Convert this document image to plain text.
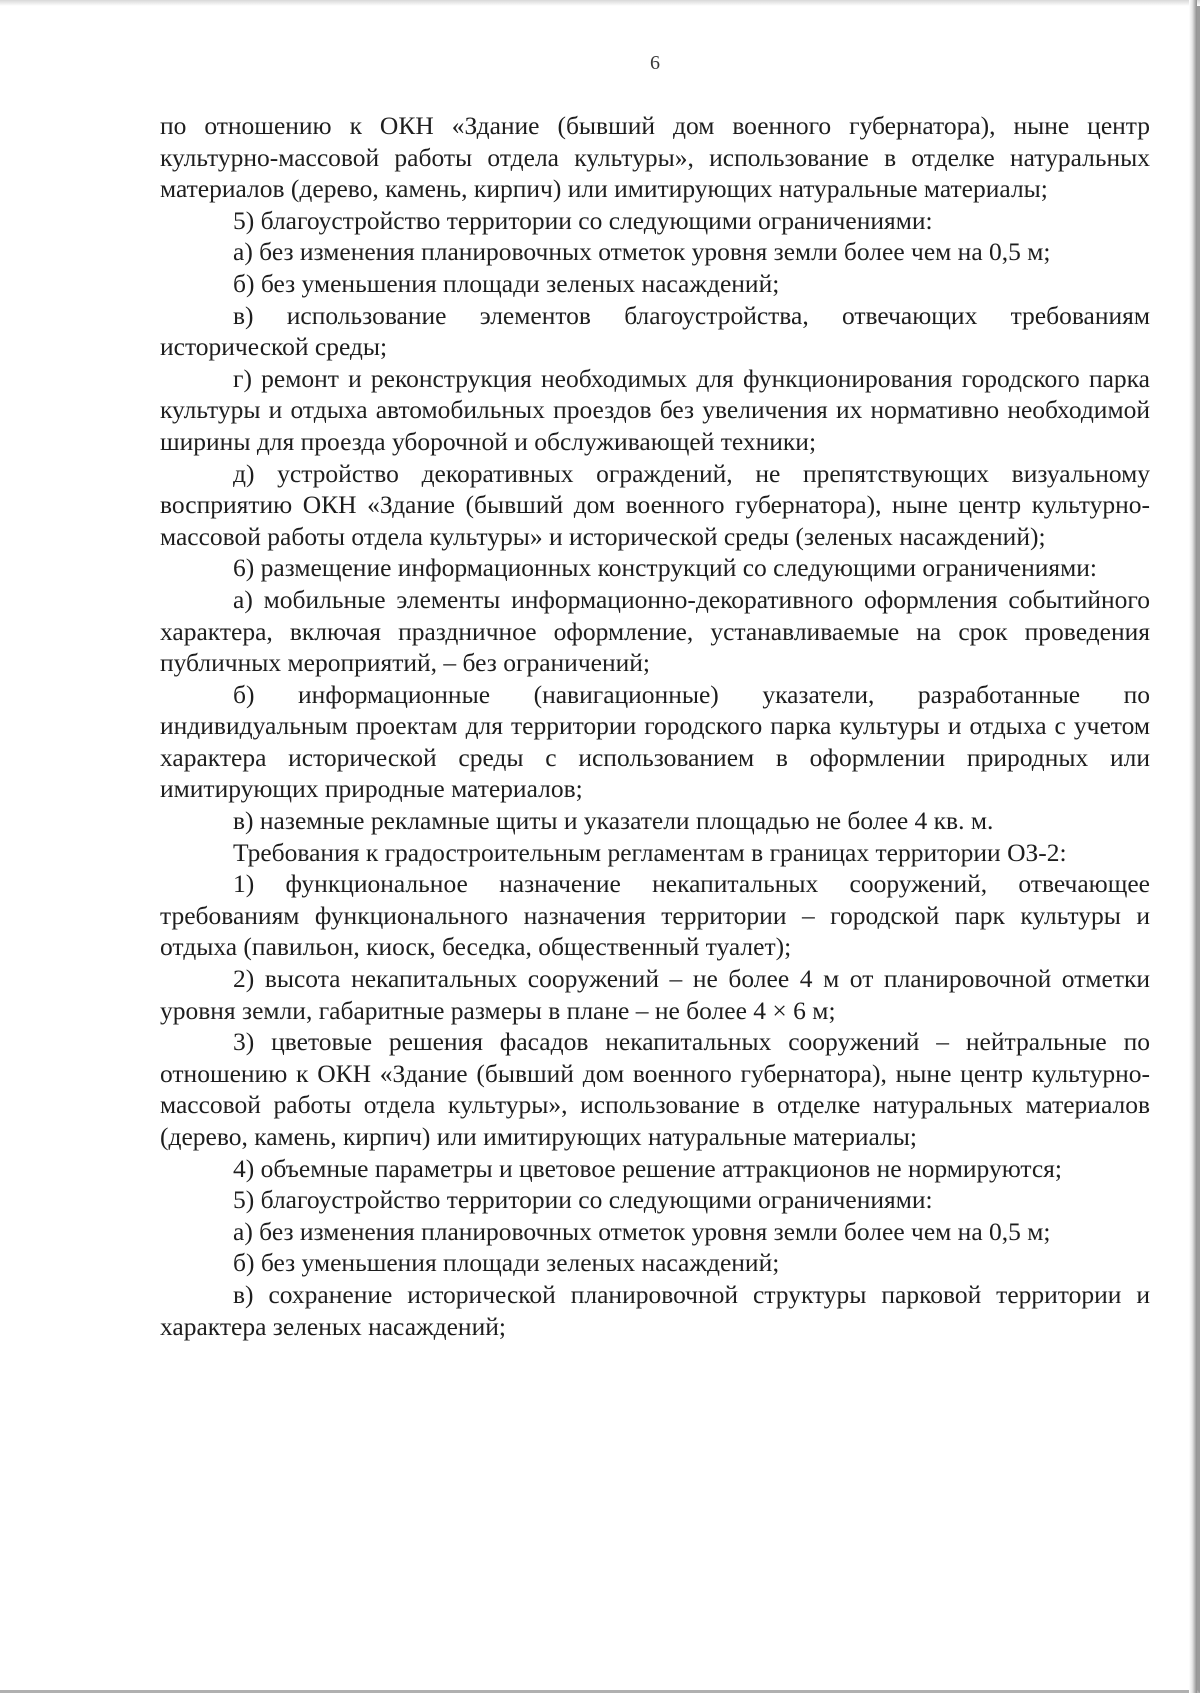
6

по отношению к ОКН «Здание (бывший дом военного губернатора), ныне центр культурно-массовой работы отдела культуры», использование в отделке натуральных материалов (дерево, камень, кирпич) или имитирующих натуральные материалы;

5) благоустройство территории со следующими ограничениями:

а) без изменения планировочных отметок уровня земли более чем на 0,5 м;

б) без уменьшения площади зеленых насаждений;

в) использование элементов благоустройства, отвечающих требованиям исторической среды;

г) ремонт и реконструкция необходимых для функционирования городского парка культуры и отдыха автомобильных проездов без увеличения их нормативно необходимой ширины для проезда уборочной и обслуживающей техники;

д) устройство декоративных ограждений, не препятствующих визуальному восприятию ОКН «Здание (бывший дом военного губернатора), ныне центр культурно-массовой работы отдела культуры» и исторической среды (зеленых насаждений);

6) размещение информационных конструкций со следующими ограничениями:

а) мобильные элементы информационно-декоративного оформления событийного характера, включая праздничное оформление, устанавливаемые на срок проведения публичных мероприятий, – без ограничений;

б) информационные (навигационные) указатели, разработанные по индивидуальным проектам для территории городского парка культуры и отдыха с учетом характера исторической среды с использованием в оформлении природных или имитирующих природные материалов;

в) наземные рекламные щиты и указатели площадью не более 4 кв. м.

Требования к градостроительным регламентам в границах территории ОЗ-2:

1) функциональное назначение некапитальных сооружений, отвечающее требованиям функционального назначения территории – городской парк культуры и отдыха (павильон, киоск, беседка, общественный туалет);

2) высота некапитальных сооружений – не более 4 м от планировочной отметки уровня земли, габаритные размеры в плане – не более 4 × 6 м;

3) цветовые решения фасадов некапитальных сооружений – нейтральные по отношению к ОКН «Здание (бывший дом военного губернатора), ныне центр культурно-массовой работы отдела культуры», использование в отделке натуральных материалов (дерево, камень, кирпич) или имитирующих натуральные материалы;

4) объемные параметры и цветовое решение аттракционов не нормируются;

5) благоустройство территории со следующими ограничениями:

а) без изменения планировочных отметок уровня земли более чем на 0,5 м;

б) без уменьшения площади зеленых насаждений;

в) сохранение исторической планировочной структуры парковой территории и характера зеленых насаждений;
